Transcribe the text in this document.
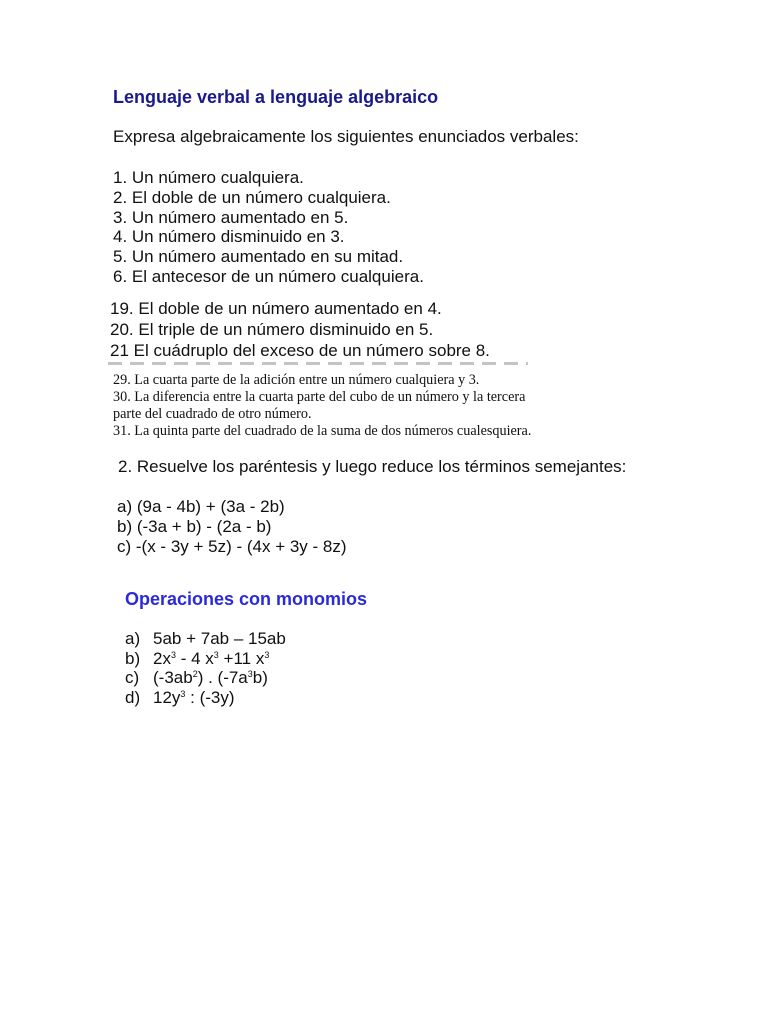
Lenguaje verbal a lenguaje algebraico
Expresa algebraicamente los siguientes enunciados verbales:
1. Un número cualquiera.
2. El doble de un número cualquiera.
3. Un número aumentado en 5.
4. Un número disminuido en 3.
5. Un número aumentado en su mitad.
6. El antecesor de un número cualquiera.
19. El doble de un número aumentado en 4.
20. El triple de un número disminuido en 5.
21 El cuádruplo del exceso de un número sobre 8.
29. La cuarta parte de la adición entre un número cualquiera y 3.
30. La diferencia entre la cuarta parte del cubo de un número y la tercera
parte del cuadrado de otro número.
31. La quinta parte del cuadrado de la suma de dos números cualesquiera.
2. Resuelve los paréntesis y luego reduce los términos semejantes:
a) (9a - 4b) + (3a - 2b)
b) (-3a + b) - (2a - b)
c) -(x - 3y + 5z) - (4x + 3y - 8z)
Operaciones con monomios
a) 5ab + 7ab – 15ab
b) $2x^3 - 4$ $x^3 +11$ $x^3$
c) $(-3ab^2)$ . $(-7a^3b)$
d) $12y^3$ : (-3y)
